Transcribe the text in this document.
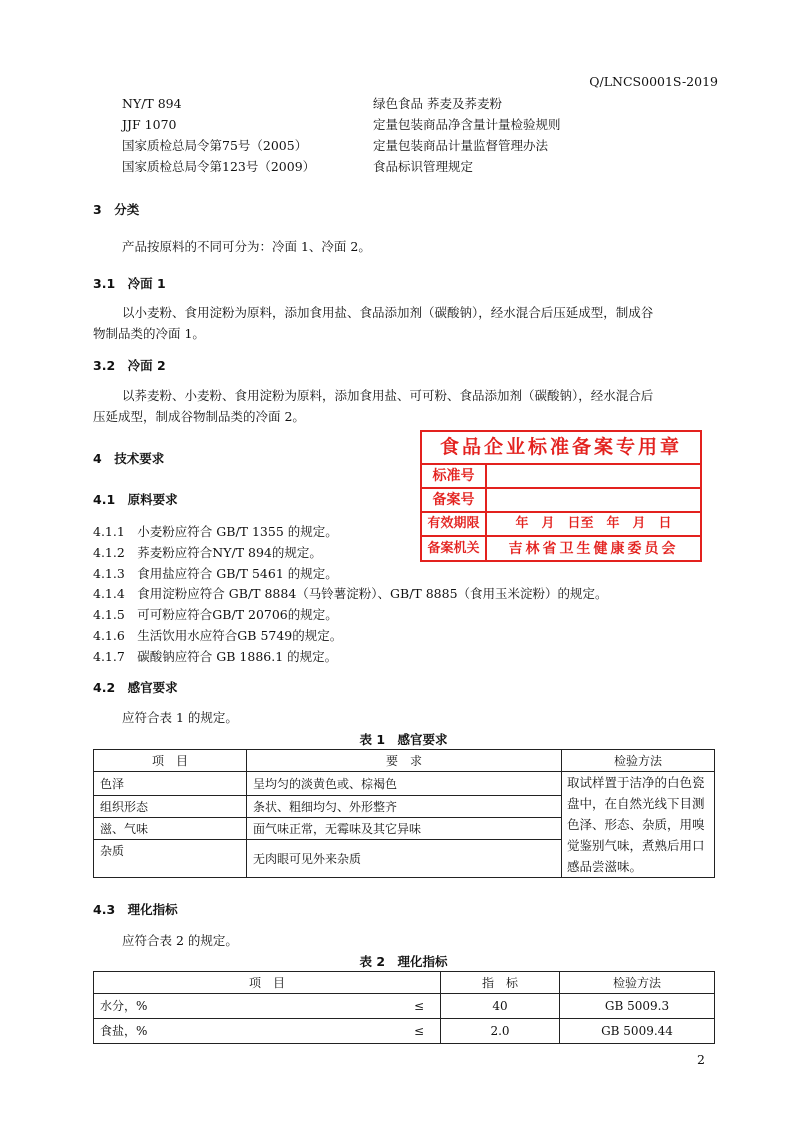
Q/LNCS0001S-2019
NY/T 894	绿色食品 荞麦及荞麦粉
JJF 1070	定量包装商品净含量计量检验规则
国家质检总局令第75号（2005）	定量包装商品计量监督管理办法
国家质检总局令第123号（2009）	食品标识管理规定
3　分类
产品按原料的不同可分为：冷面 1、冷面 2。
3.1　冷面 1
以小麦粉、食用淀粉为原料，添加食用盐、食品添加剂（碳酸钠），经水混合后压延成型，制成谷
物制品类的冷面 1。
3.2　冷面 2
以荞麦粉、小麦粉、食用淀粉为原料，添加食用盐、可可粉、食品添加剂（碳酸钠），经水混合后
压延成型，制成谷物制品类的冷面 2。
4　技术要求
4.1　原料要求
4.1.1　小麦粉应符合 GB/T 1355 的规定。
4.1.2　荞麦粉应符合NY/T 894的规定。
4.1.3　食用盐应符合 GB/T 5461 的规定。
4.1.4　食用淀粉应符合 GB/T 8884（马铃薯淀粉）、GB/T 8885（食用玉米淀粉）的规定。
4.1.5　可可粉应符合GB/T 20706的规定。
4.1.6　生活饮用水应符合GB 5749的规定。
4.1.7　碳酸钠应符合 GB 1886.1 的规定。
4.2　感官要求
应符合表 1 的规定。
表 1　感官要求
项　目	要　求	检验方法
色泽	呈均匀的淡黄色或、棕褐色	取试样置于洁净的白色瓷盘中，在自然光线下目测色泽、形态、杂质，用嗅觉鉴别气味，煮熟后用口感品尝滋味。
组织形态	条状、粗细均匀、外形整齐	
滋、气味	面气味正常，无霉味及其它异味	
杂质	无肉眼可见外来杂质	
4.3　理化指标
应符合表 2 的规定。
表 2　理化指标
项　目		指　标	检验方法
水分，%	≤	40	GB 5009.3
食盐，%	≤	2.0	GB 5009.44
2
食品企业标准备案专用章
标准号
备案号
有效期限	年　月　日至　年　月　日
备案机关	吉林省卫生健康委员会
